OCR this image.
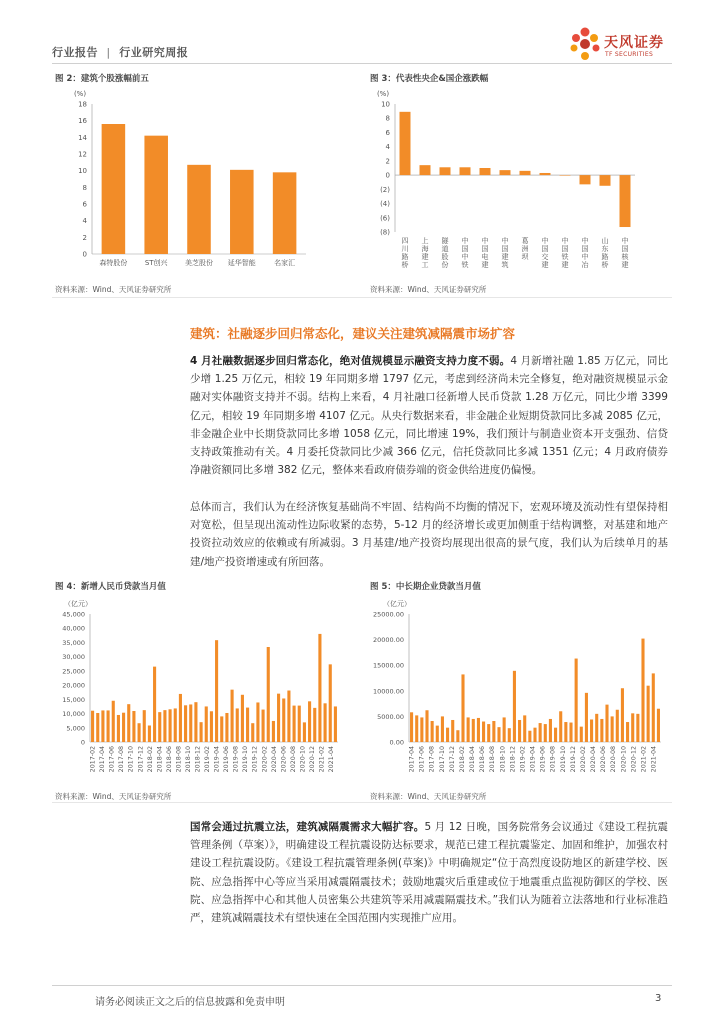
行业报告 | 行业研究周报
天风证券
TF SECURITIES
图 2：建筑个股涨幅前五
(%)
0
2
4
6
8
10
12
14
16
18
森特股份 ST创兴 美芝股份 延华智能	名家汇
资料来源：Wind、天风证券研究所
图 3：代表性央企&国企涨跌幅
(%)
10
8
6
4
2
0
(2)
(4)
(6)
(8)
四川路桥
上海建工
隧道股份
中国中铁
中国电建
中国建筑
葛洲坝
中国交建
中国铁建
中国中冶
山东路桥
中国核建
资料来源：Wind、天风证券研究所
建筑：社融逐步回归常态化，建议关注建筑减隔震市场扩容
4 月社融数据逐步回归常态化，绝对值规模显示融资支持力度不弱。4 月新增社融 1.85 万亿元，同比少增 1.25 万亿元，相较 19 年同期多增 1797 亿元，考虑到经济尚未完全修复，绝对融资规模显示金融对实体融资支持并不弱。结构上来看，4 月社融口径新增人民币贷款 1.28 万亿元，同比少增 3399 亿元，相较 19 年同期多增 4107 亿元。从央行数据来看，非金融企业短期贷款同比多减 2085 亿元，非金融企业中长期贷款同比多增 1058 亿元，同比增速 19%，我们预计与制造业资本开支强劲、信贷支持政策推动有关。4 月委托贷款同比少减 366 亿元，信托贷款同比多减 1351 亿元；4 月政府债券净融资额同比多增 382 亿元，整体来看政府债券端的资金供给进度仍偏慢。
总体而言，我们认为在经济恢复基础尚不牢固、结构尚不均衡的情况下，宏观环境及流动性有望保持相对宽松，但呈现出流动性边际收紧的态势，5-12 月的经济增长或更加侧重于结构调整，对基建和地产投资拉动效应的依赖或有所减弱。3 月基建/地产投资均展现出很高的景气度，我们认为后续单月的基建/地产投资增速或有所回落。
图 4：新增人民币贷款当月值
（亿元）
0
5,000
10,000
15,000
20,000
25,000
30,000
35,000
40,000
45,000
2017-02 2017-04 2017-06 2017-08 2017-10 2017-12 2018-02 2018-04 2018-06 2018-08 2018-10 2018-12 2019-02 2019-04 2019-06 2019-08 2019-10 2019-12 2020-02 2020-04 2020-06 2020-08 2020-10 2020-12 2021-02 2021-04
资料来源：Wind、天风证券研究所
图 5：中长期企业贷款当月值
（亿元）
0.00
5000.00
10000.00
15000.00
20000.00
25000.00
2017-04 2017-06 2017-08 2017-10 2017-12 2018-02 2018-04 2018-06 2018-08 2018-10 2018-12 2019-02 2019-04 2019-06 2019-08 2019-10 2019-12 2020-02 2020-04 2020-06 2020-08 2020-10 2020-12 2021-02 2021-04
资料来源：Wind、天风证券研究所
国常会通过抗震立法，建筑减隔震需求大幅扩容。5 月 12 日晚，国务院常务会议通过《建设工程抗震管理条例（草案）》，明确建设工程抗震设防达标要求，规范已建工程抗震鉴定、加固和维护，加强农村建设工程抗震设防。《建设工程抗震管理条例(草案)》中明确规定“位于高烈度设防地区的新建学校、医院、应急指挥中心等应当采用减震隔震技术；鼓励地震灾后重建或位于地震重点监视防御区的学校、医院、应急指挥中心和其他人员密集公共建筑等采用减震隔震技术。”我们认为随着立法落地和行业标准趋严，建筑减隔震技术有望快速在全国范围内实现推广应用。
请务必阅读正文之后的信息披露和免责申明	3
